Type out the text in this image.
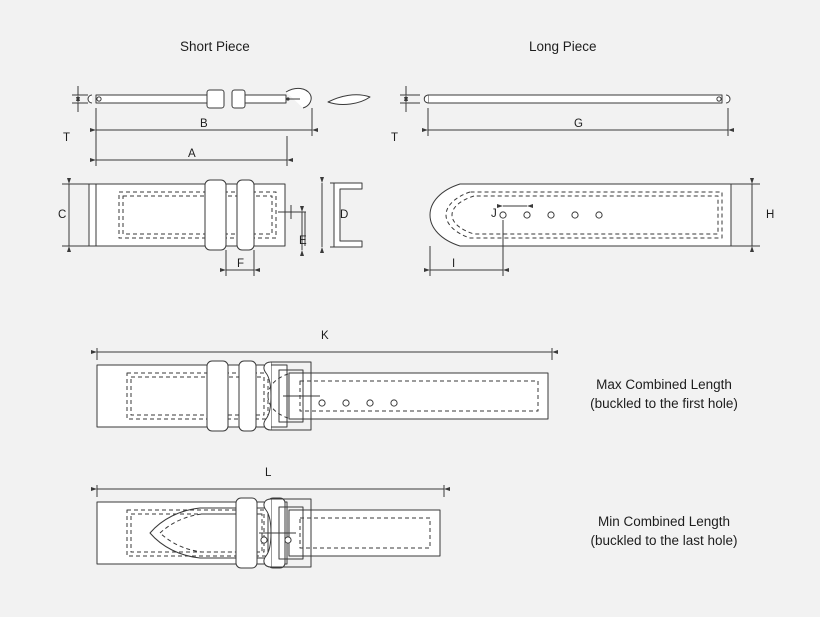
Short Piece	Long Piece
Max Combined Length
(buckled to the first hole)
Min Combined Length
(buckled to the last hole)
T	T
B
A
C	D
E
F
G
H
I
J
K
L
